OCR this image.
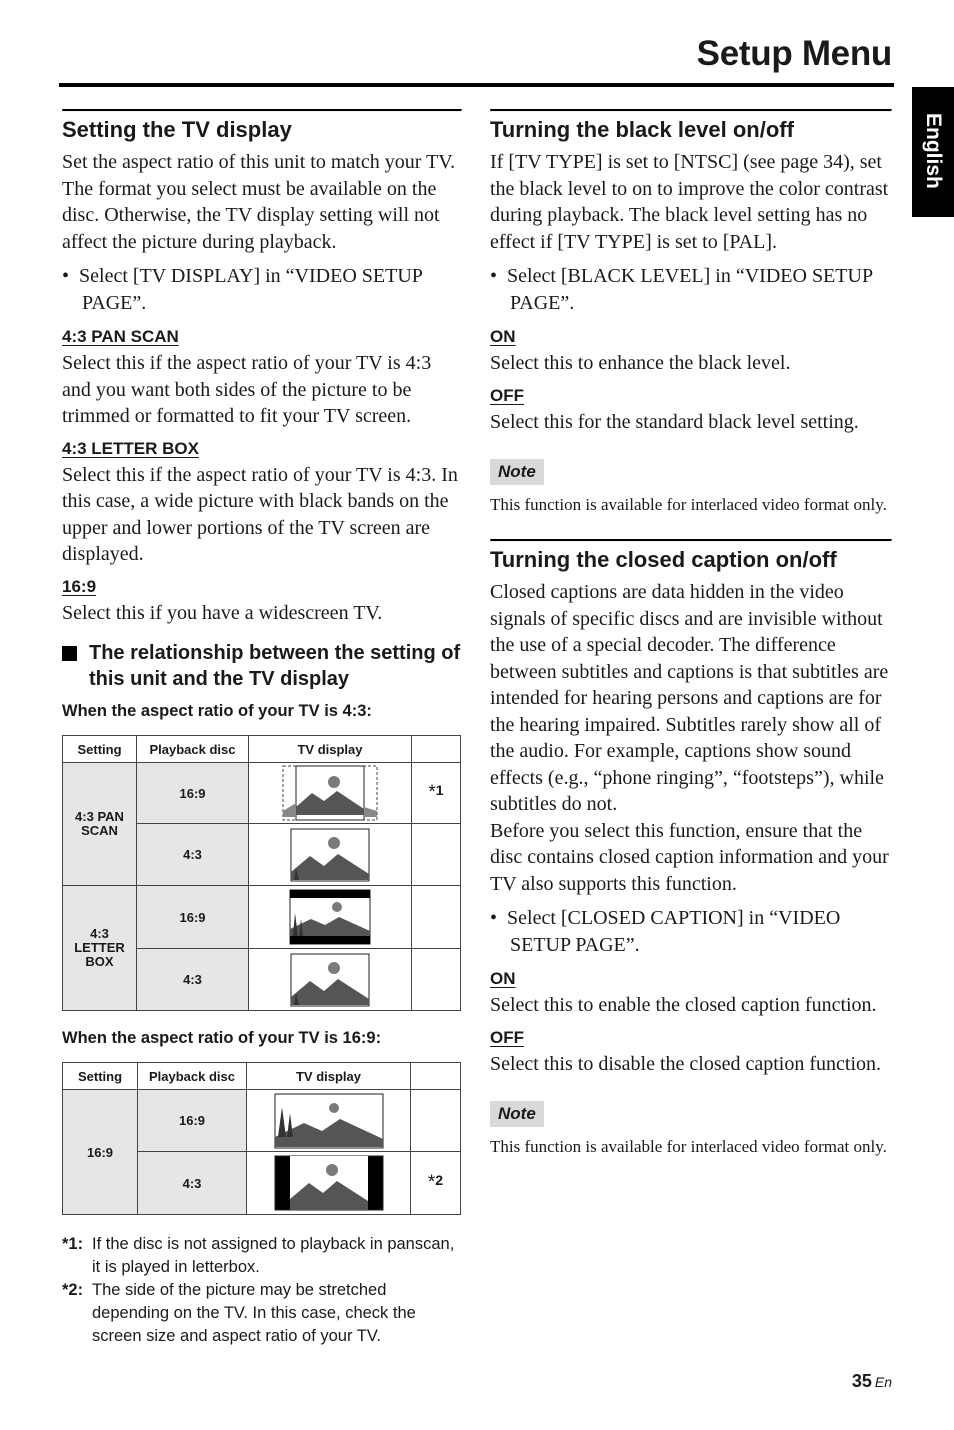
Setup Menu
English
Setting the TV display

Set the aspect ratio of this unit to match your TV. The format you select must be available on the disc. Otherwise, the TV display setting will not affect the picture during playback.

•  Select [TV DISPLAY] in “VIDEO SETUP PAGE”.

4:3 PAN SCAN

Select this if the aspect ratio of your TV is 4:3 and you want both sides of the picture to be trimmed or formatted to fit your TV screen.

4:3 LETTER BOX

Select this if the aspect ratio of your TV is 4:3. In this case, a wide picture with black bands on the upper and lower portions of the TV screen are displayed.

16:9

Select this if you have a widescreen TV.

The relationship between the setting of this unit and the TV display
When the aspect ratio of your TV is 4:3:
Setting	Playback disc	TV display	
4:3 PAN SCAN	16:9		*1
	4:3	

4:3 LETTER BOX	16:9	

	4:3	

When the aspect ratio of your TV is 16:9:
Setting	Playback disc	TV display	
16:9	16:9	

	4:3		*2

*1: If the disc is not assigned to playback in panscan, it is played in letterbox.

*2: The side of the picture may be stretched depending on the TV. In this case, check the screen size and aspect ratio of your TV.

Turning the black level on/off

If [TV TYPE] is set to [NTSC] (see page 34), set the black level to on to improve the color contrast during playback. The black level setting has no effect if [TV TYPE] is set to [PAL].

•  Select [BLACK LEVEL] in “VIDEO SETUP PAGE”.

ON

Select this to enhance the black level.

OFF

Select this for the standard black level setting.

Note

This function is available for interlaced video format only.

Turning the closed caption on/off

Closed captions are data hidden in the video signals of specific discs and are invisible without the use of a special decoder. The difference between subtitles and captions is that subtitles are intended for hearing persons and captions are for the hearing impaired. Subtitles rarely show all of the audio. For example, captions show sound effects (e.g., “phone ringing”, “footsteps”), while subtitles do not.

Before you select this function, ensure that the disc contains closed caption information and your TV also supports this function.

•  Select [CLOSED CAPTION] in “VIDEO SETUP PAGE”.

ON

Select this to enable the closed caption function.

OFF

Select this to disable the closed caption function.

Note

This function is available for interlaced video format only.

35 En
